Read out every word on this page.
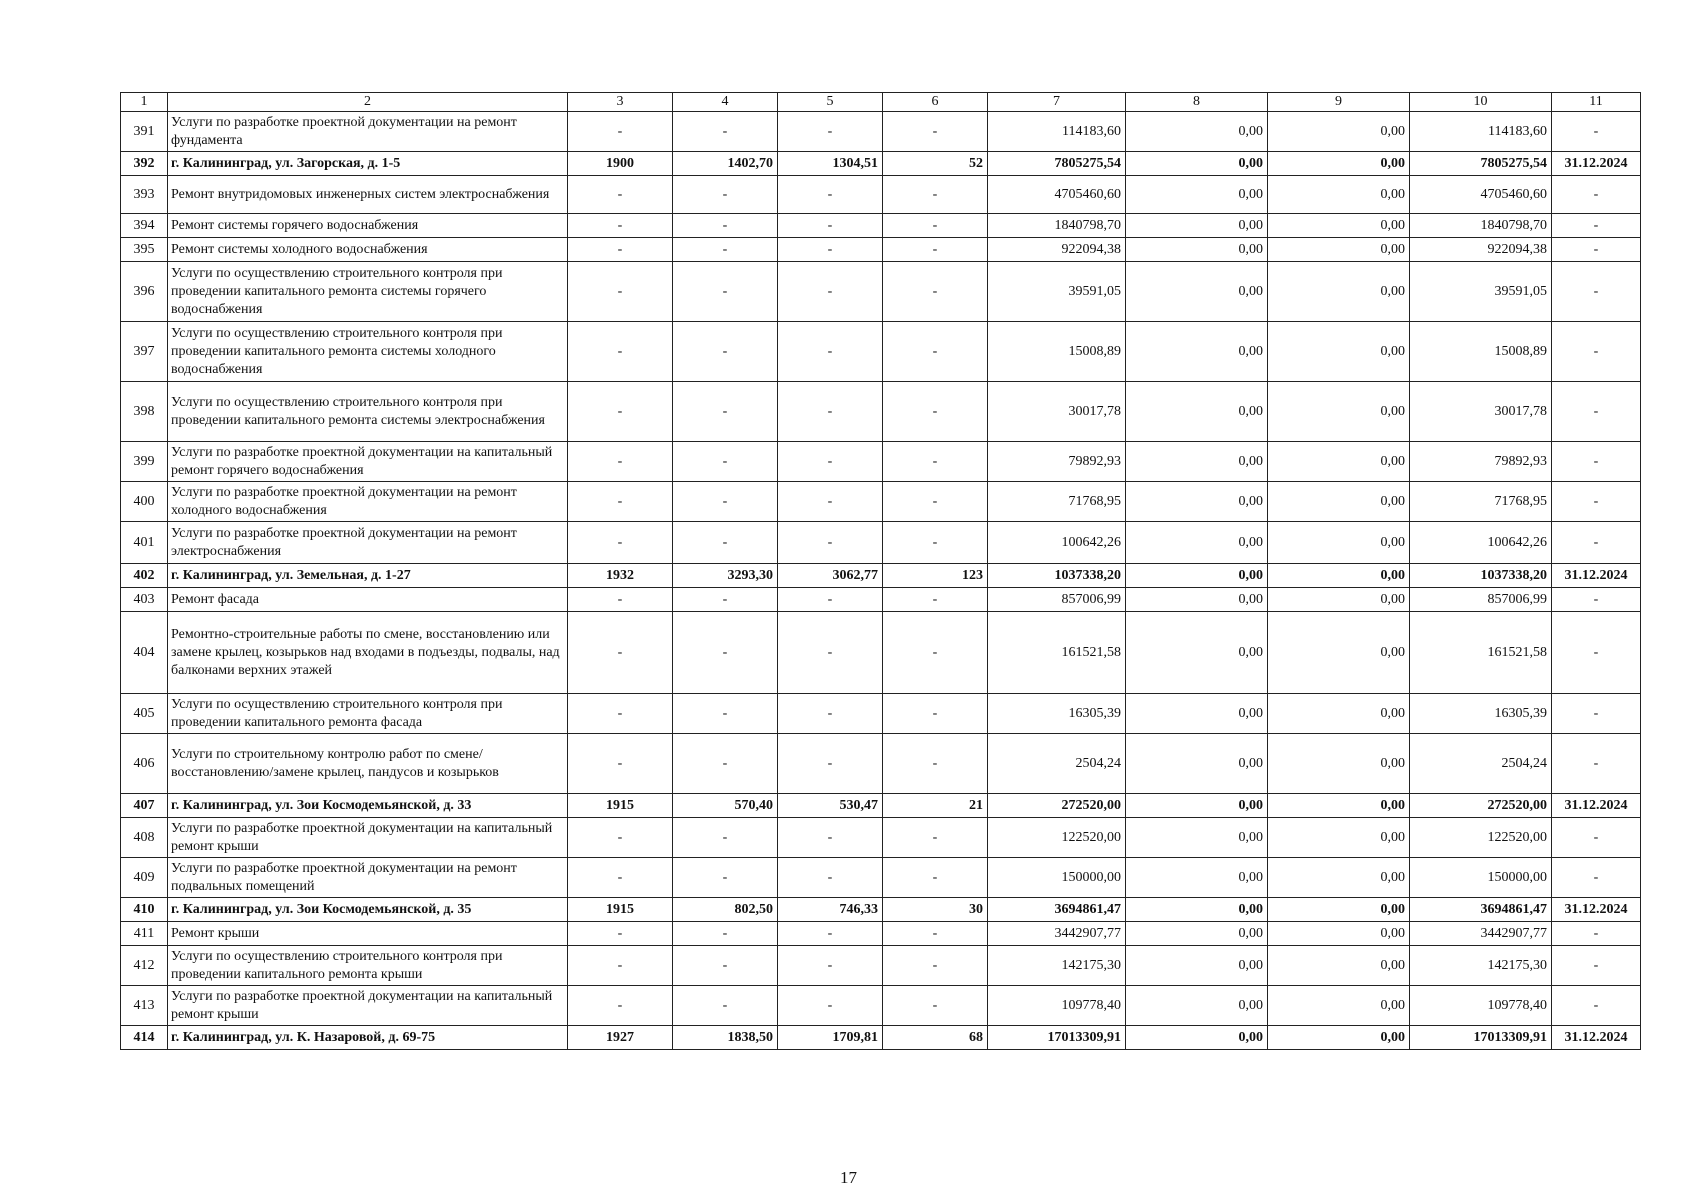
1	2	3	4	5	6	7	8	9	10	11
391	Услуги по разработке проектной документации на ремонт фундамента	-	-	-	-	114183,60	0,00	0,00	114183,60	-
392	г. Калининград, ул. Загорская, д. 1-5	1900	1402,70	1304,51	52	7805275,54	0,00	0,00	7805275,54	31.12.2024
393	Ремонт внутридомовых инженерных систем электроснабжения	-	-	-	-	4705460,60	0,00	0,00	4705460,60	-
394	Ремонт системы горячего водоснабжения	-	-	-	-	1840798,70	0,00	0,00	1840798,70	-
395	Ремонт системы холодного водоснабжения	-	-	-	-	922094,38	0,00	0,00	922094,38	-
396	Услуги по осуществлению строительного контроля при проведении капитального ремонта системы горячего водоснабжения	-	-	-	-	39591,05	0,00	0,00	39591,05	-
397	Услуги по осуществлению строительного контроля при проведении капитального ремонта системы холодного водоснабжения	-	-	-	-	15008,89	0,00	0,00	15008,89	-
398	Услуги по осуществлению строительного контроля при проведении капитального ремонта системы электроснабжения	-	-	-	-	30017,78	0,00	0,00	30017,78	-
399	Услуги по разработке проектной документации на капитальный ремонт горячего водоснабжения	-	-	-	-	79892,93	0,00	0,00	79892,93	-
400	Услуги по разработке проектной документации на ремонт холодного водоснабжения	-	-	-	-	71768,95	0,00	0,00	71768,95	-
401	Услуги по разработке проектной документации на ремонт электроснабжения	-	-	-	-	100642,26	0,00	0,00	100642,26	-
402	г. Калининград, ул. Земельная, д. 1-27	1932	3293,30	3062,77	123	1037338,20	0,00	0,00	1037338,20	31.12.2024
403	Ремонт фасада	-	-	-	-	857006,99	0,00	0,00	857006,99	-
404	Ремонтно-строительные работы по смене, восстановлению или замене крылец, козырьков над входами в подъезды, подвалы, над балконами верхних этажей	-	-	-	-	161521,58	0,00	0,00	161521,58	-
405	Услуги по осуществлению строительного контроля при проведении капитального ремонта фасада	-	-	-	-	16305,39	0,00	0,00	16305,39	-
406	Услуги по строительному контролю работ по смене/восстановлению/замене крылец, пандусов и козырьков	-	-	-	-	2504,24	0,00	0,00	2504,24	-
407	г. Калининград, ул. Зои Космодемьянской, д. 33	1915	570,40	530,47	21	272520,00	0,00	0,00	272520,00	31.12.2024
408	Услуги по разработке проектной документации на капитальный ремонт крыши	-	-	-	-	122520,00	0,00	0,00	122520,00	-
409	Услуги по разработке проектной документации на ремонт подвальных помещений	-	-	-	-	150000,00	0,00	0,00	150000,00	-
410	г. Калининград, ул. Зои Космодемьянской, д. 35	1915	802,50	746,33	30	3694861,47	0,00	0,00	3694861,47	31.12.2024
411	Ремонт крыши	-	-	-	-	3442907,77	0,00	0,00	3442907,77	-
412	Услуги по осуществлению строительного контроля при проведении капитального ремонта крыши	-	-	-	-	142175,30	0,00	0,00	142175,30	-
413	Услуги по разработке проектной документации на капитальный ремонт крыши	-	-	-	-	109778,40	0,00	0,00	109778,40	-
414	г. Калининград, ул. К. Назаровой, д. 69-75	1927	1838,50	1709,81	68	17013309,91	0,00	0,00	17013309,91	31.12.2024
17
